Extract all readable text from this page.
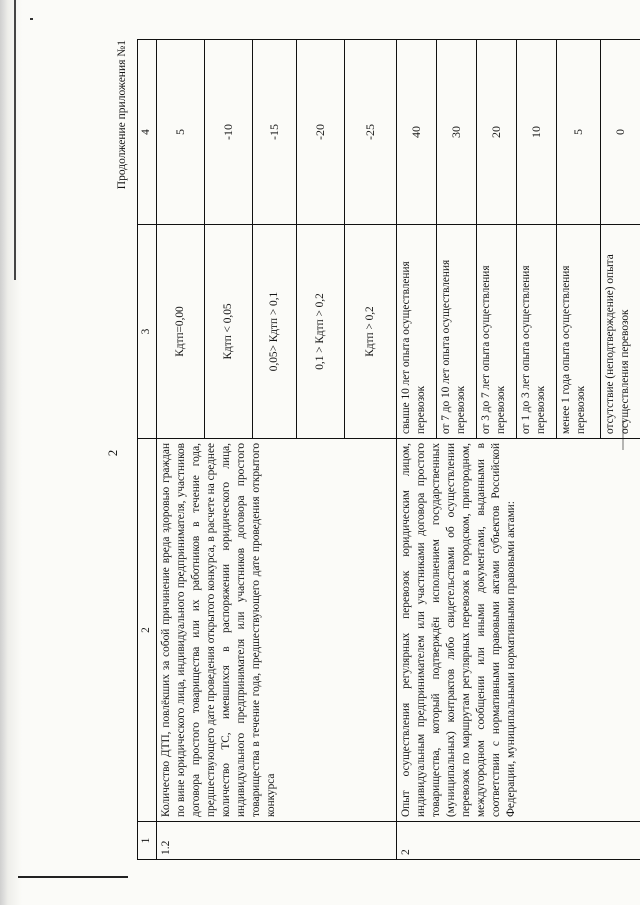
2
Продолжение приложения №1
1	2	3	4
1.2	Количество ДТП, повлёкших за собой причинение вреда здоровью граждан по вине юридического лица, индивидуального предпринимателя, участников договора простого товарищества или их работников в течение года, предшествующего дате проведения открытого конкурса, в расчете на среднее количество ТС, имевшихся в распоряжении юридического лица, индивидуального предпринимателя или участников договора простого товарищества в течение года, предшествующего дате проведения открытого конкурса	Кдтп=0,00	5
		Кдтп < 0,05	-10
		0,05> Кдтп > 0,1	-15
		0,1 > Кдтп > 0,2	-20
		Кдтп > 0,2	-25
2	Опыт осуществления регулярных перевозок юридическим лицом, индивидуальным предпринимателем или участниками договора простого товарищества, который подтверждён исполнением государственных (муниципальных) контрактов либо свидетельствами об осуществлении перевозок по маршрутам регулярных перевозок в городском, пригородном, междугородном сообщении или иными документами, выданными в соответствии с нормативными правовыми актами субъектов Российской Федерации, муниципальными нормативными правовыми актами:	свыше 10 лет опыта осуществления перевозок	40
		от 7 до 10 лет опыта осуществления перевозок	30
		от 3 до 7 лет опыта осуществления перевозок	20
		от 1 до 3 лет опыта осуществления перевозок	10
		менее 1 года опыта осуществления перевозок	5
		отсутствие (неподтверждение) опыта осуществления перевозок	0
